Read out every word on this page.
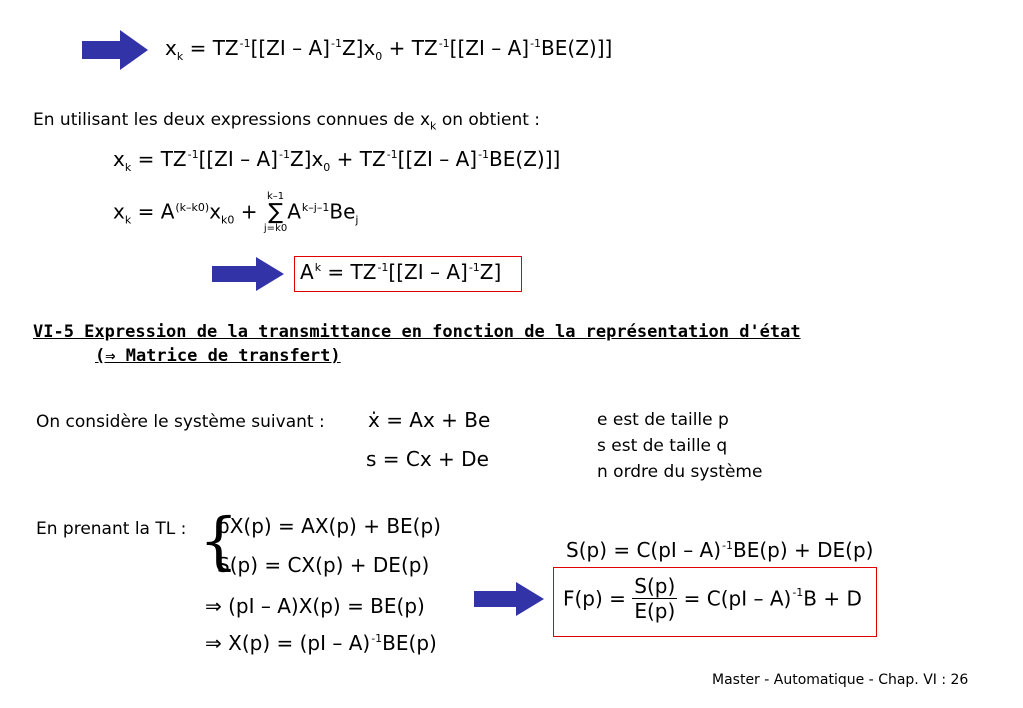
$x_k = TZ^{-1}[[ZI - A]^{-1}Z]x_0 + TZ^{-1}[[ZI - A]^{-1}BE(Z)]$]
En utilisant les deux expressions connues de $x_k$ on obtient :
$x_k = TZ^{-1}[[ZI - A]^{-1}Z]x_0 + TZ^{-1}[[ZI - A]^{-1}BE(Z)]$]
$x_k = A^{(k-k0)}x_{k0}$ +
k–1
∑
j=k0
$A^{k-j-1}Be_j$
$A^k = TZ^{-1}[[ZI - A]^{-1}Z]$
VI-5 Expression de la transmittance en fonction de la représentation d'état
(⇒ Matrice de transfert)
On considère le système suivant : ẋ = Ax + Be
s = Cx + De
e est de taille p
s est de taille q
n ordre du système
En prenant la TL : {
pX(p) = AX(p) + BE(p)
S(p) = CX(p) + DE(p)
⇒ (pI – A)X(p) = BE(p)
⇒ X(p) = (pI – A)$^{-1}$BE(p)
S(p) = C(pI – A)$^{-1}$BE(p) + DE(p)
$F(p) = \frac{S(p)}{E(p)} = C(pI - A)^{-1}B + D$
Master - Automatique - Chap. VI : 26
